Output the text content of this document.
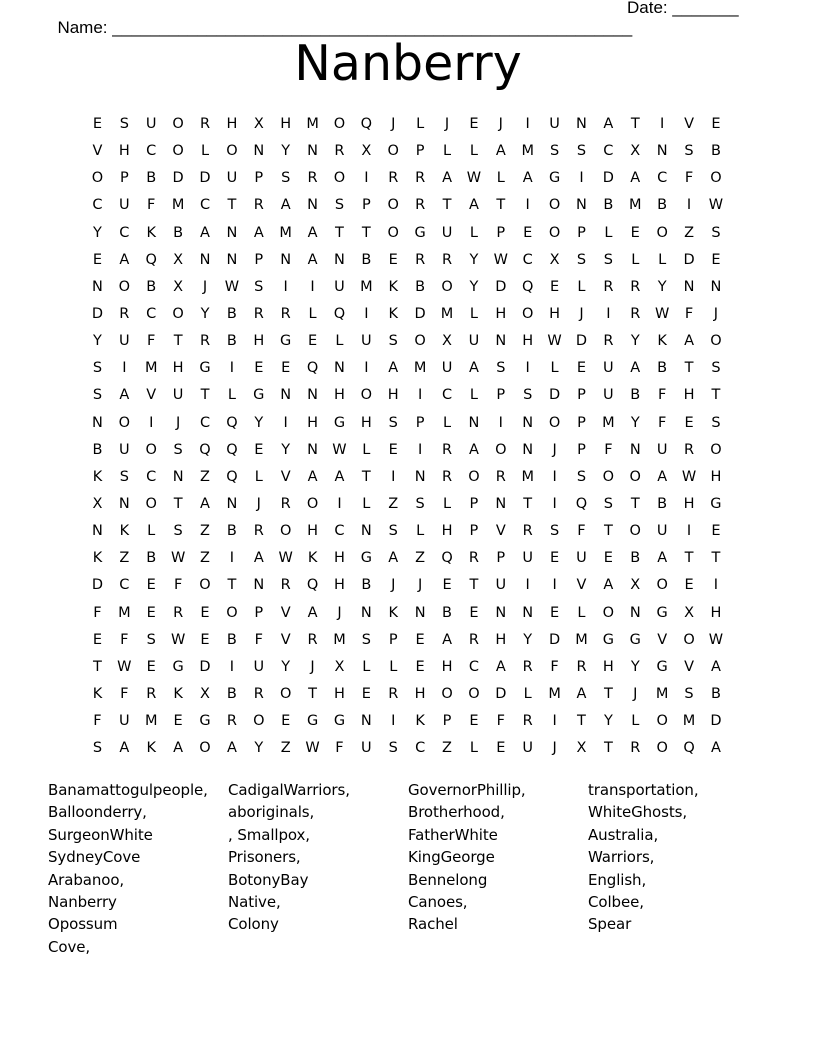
Name: _______________________________________________________

Date: _______

Nanberry
E	S	U	O	R	H	X	H	M	O	Q	J	L	J	E	J	I	U	N	A	T	I	V	E
V	H	C	O	L	O	N	Y	N	R	X	O	P	L	L	A	M	S	S	C	X	N	S	B
O	P	B	D	D	U	P	S	R	O	I	R	R	A	W	L	A	G	I	D	A	C	F	O
C	U	F	M	C	T	R	A	N	S	P	O	R	T	A	T	I	O	N	B	M	B	I	W
Y	C	K	B	A	N	A	M	A	T	T	O	G	U	L	P	E	O	P	L	E	O	Z	S
E	A	Q	X	N	N	P	N	A	N	B	E	R	R	Y	W	C	X	S	S	L	L	D	E
N	O	B	X	J	W	S	I	I	U	M	K	B	O	Y	D	Q	E	L	R	R	Y	N	N
D	R	C	O	Y	B	R	R	L	Q	I	K	D	M	L	H	O	H	J	I	R	W	F	J
Y	U	F	T	R	B	H	G	E	L	U	S	O	X	U	N	H W D	R	Y	K	A	O
S	I	M	H	G	I	E	E	Q	N	I	A	M	U	A	S	I	L	E	U	A	B	T	S
S	A	V	U	T	L	G	N	N	H	O	H	I	C	L	P	S	D	P	U	B	F	H	T
N	O	I	J	C	Q	Y	I	H	G	H	S	P	L	N	I	N	O	P	M	Y	F	E	S
B	U	O	S	Q	Q	E	Y	N W	L	E	I	R	A	O	N	J	P	F	N	U	R	O
K	S	C	N	Z	Q	L	V	A	A	T	I	N	R	O	R	M	I	S	O	O	A	W H
X	N	O	T	A	N	J	R	O	I	L	Z	S	L	P	N	T	I	Q	S	T	B	H	G
N	K	L	S	Z	B	R	O	H	C	N	S	L	H	P	V	R	S	F	T	O	U	I	E
K	Z	B	W	Z	I	A	W	K	H	G	A	Z	Q	R	P	U	E	U	E	B	A	T	T
D	C	E	F	O	T	N	R	Q	H	B	J	J	E	T	U	I	I	V	A	X	O	E	I
F	M	E	R	E	O	P	V	A	J	N	K	N	B	E	N	N	E	L	O	N	G	X	H
E	F	S	W	E	B	F	V	R	M	S	P	E	A	R	H	Y	D	M	G	G	V	O W
T	W	E	G	D	I	U	Y	J	X	L	L	E	H	C	A	R	F	R	H	Y	G	V	A
K	F	R	K	X	B	R	O	T	H	E	R	H	O	O	D	L	M	A	T	J	M	S	B
F	U	M	E	G	R	O	E	G	G	N	I	K	P	E	F	R	I	T	Y	L	O	M	D
S	A	K	A	O	A	Y	Z	W	F	U	S	C	Z	L	E	U	J	X	T	R	O	Q	A
Banamattogulpeople,
Balloonderry,
SurgeonWhite
SydneyCove
Arabanoo,
Nanberry
Opossum
Cove,
CadigalWarriors,
aboriginals,
, Smallpox,
Prisoners,
BotonyBay
Native,
Colony
GovernorPhillip,
Brotherhood,
FatherWhite
KingGeorge
Bennelong
Canoes,
Rachel
transportation,
WhiteGhosts,
Australia,
Warriors,
English,
Colbee,
Spear
